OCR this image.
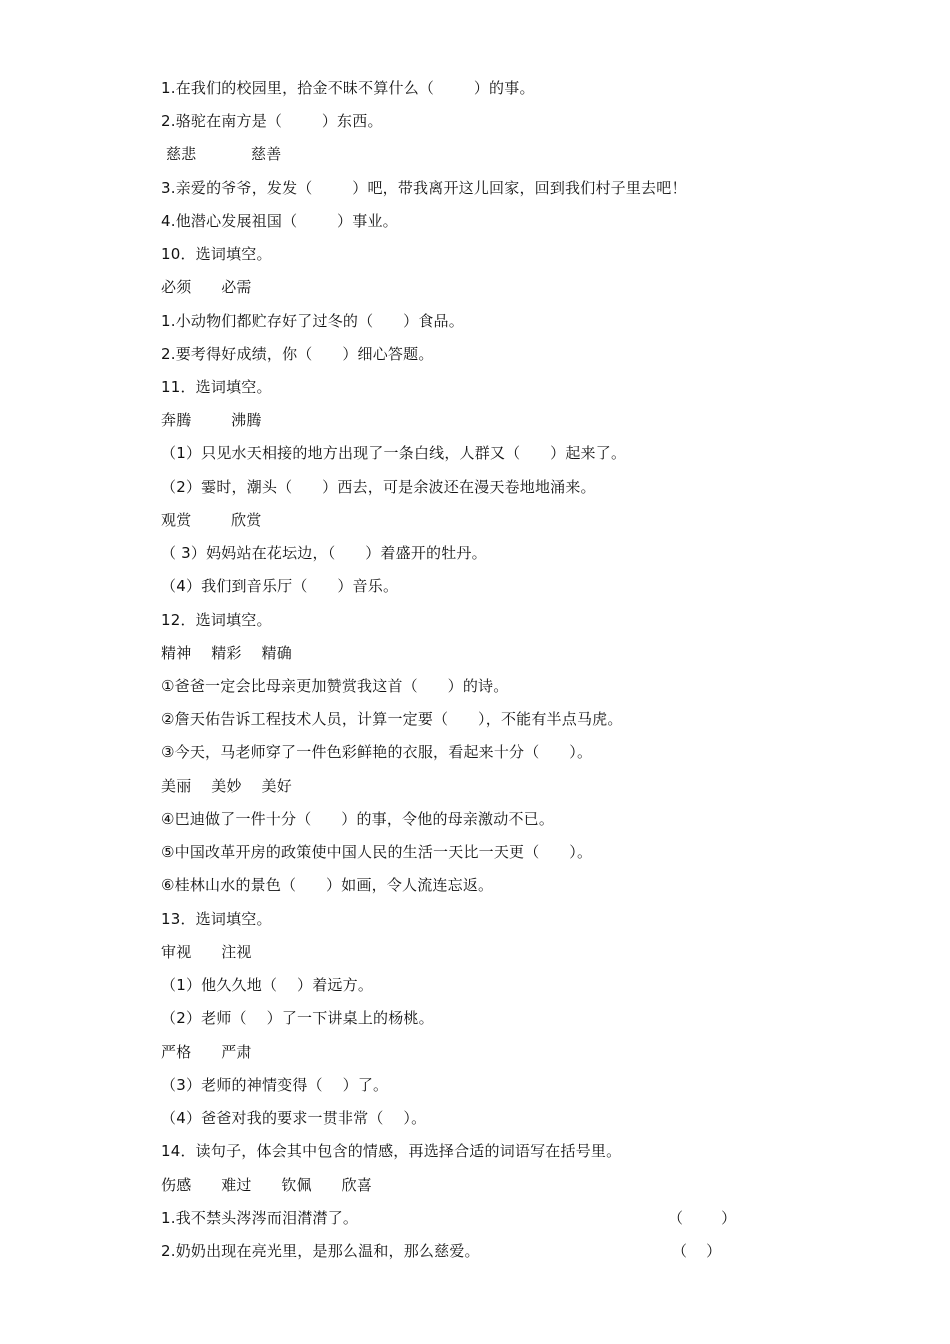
1.在我们的校园里，拾金不昧不算什么（        ）的事。
2.骆驼在南方是（        ）东西。
慈悲           慈善
3.亲爱的爷爷，发发（        ）吧，带我离开这儿回家，回到我们村子里去吧！
4.他潜心发展祖国（        ）事业。
10．选词填空。
必须      必需
1.小动物们都贮存好了过冬的（      ）食品。
2.要考得好成绩，你（      ）细心答题。
11．选词填空。
奔腾        沸腾
（1）只见水天相接的地方出现了一条白线，人群又（      ）起来了。
（2）霎时，潮头（      ）西去，可是余波还在漫天卷地地涌来。
观赏        欣赏
（ 3）妈妈站在花坛边，（      ）着盛开的牡丹。
（4）我们到音乐厅（      ）音乐。
12．选词填空。
精神    精彩    精确
①爸爸一定会比母亲更加赞赏我这首（      ）的诗。
②詹天佑告诉工程技术人员，计算一定要（      ），不能有半点马虎。
③今天，马老师穿了一件色彩鲜艳的衣服，看起来十分（      ）。
美丽    美妙    美好
④巴迪做了一件十分（      ）的事，令他的母亲激动不已。
⑤中国改革开房的政策使中国人民的生活一天比一天更（      ）。
⑥桂林山水的景色（      ）如画，令人流连忘返。
13．选词填空。
审视      注视
（1）他久久地（    ）着远方。
（2）老师（    ）了一下讲桌上的杨桃。
严格      严肃
（3）老师的神情变得（    ）了。
（4）爸爸对我的要求一贯非常（    ）。
14．读句子，体会其中包含的情感，再选择合适的词语写在括号里。
伤感      难过      钦佩      欣喜
1.我不禁头涔涔而泪潸潸了。	（        ）
2.奶奶出现在亮光里，是那么温和，那么慈爱。	（    ）
